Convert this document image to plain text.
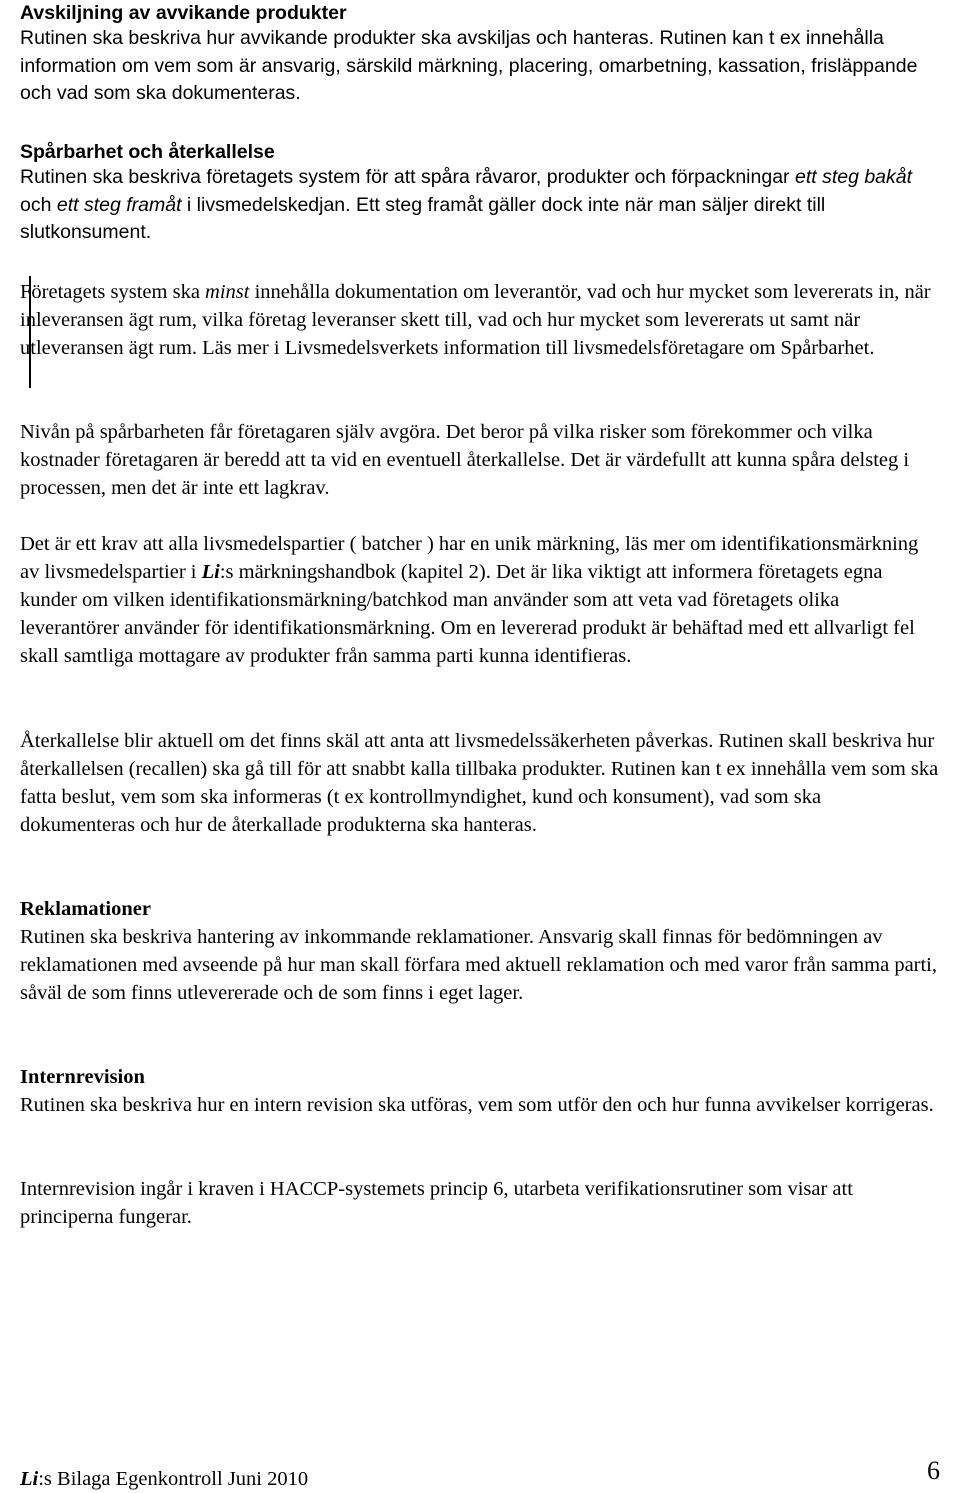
Avskiljning av avvikande produkter

Rutinen ska beskriva hur avvikande produkter ska avskiljas och hanteras. Rutinen kan t ex innehålla information om vem som är ansvarig, särskild märkning, placering, omarbetning, kassation, frisläppande och vad som ska dokumenteras.

Spårbarhet och återkallelse

Rutinen ska beskriva företagets system för att spåra råvaror, produkter och förpackningar ett steg bakåt och ett steg framåt i livsmedelskedjan. Ett steg framåt gäller dock inte när man säljer direkt till slutkonsument.

Företagets system ska minst innehålla dokumentation om leverantör, vad och hur mycket som levererats in, när inleveransen ägt rum, vilka företag leveranser skett till, vad och hur mycket som levererats ut samt när utleveransen ägt rum. Läs mer i Livsmedelsverkets information till livsmedelsföretagare om Spårbarhet.

Nivån på spårbarheten får företagaren själv avgöra. Det beror på vilka risker som förekommer och vilka kostnader företagaren är beredd att ta vid en eventuell återkallelse. Det är värdefullt att kunna spåra delsteg i processen, men det är inte ett lagkrav.

Det är ett krav att alla livsmedelspartier ( batcher ) har en unik märkning, läs mer om identifikationsmärkning av livsmedelspartier i Li:s märkningshandbok (kapitel 2). Det är lika viktigt att informera företagets egna kunder om vilken identifikationsmärkning/batchkod man använder som att veta vad företagets olika leverantörer använder för identifikationsmärkning. Om en levererad produkt är behäftad med ett allvarligt fel skall samtliga mottagare av produkter från samma parti kunna identifieras.

Återkallelse blir aktuell om det finns skäl att anta att livsmedelssäkerheten påverkas. Rutinen skall beskriva hur återkallelsen (recallen) ska gå till för att snabbt kalla tillbaka produkter. Rutinen kan t ex innehålla vem som ska fatta beslut, vem som ska informeras (t ex kontrollmyndighet, kund och konsument), vad som ska dokumenteras och hur de återkallade produkterna ska hanteras.

Reklamationer

Rutinen ska beskriva hantering av inkommande reklamationer. Ansvarig skall finnas för bedömningen av reklamationen med avseende på hur man skall förfara med aktuell reklamation och med varor från samma parti, såväl de som finns utlevererade och de som finns i eget lager.

Internrevision

Rutinen ska beskriva hur en intern revision ska utföras, vem som utför den och hur funna avvikelser korrigeras.

Internrevision ingår i kraven i HACCP-systemets princip 6, utarbeta verifikationsrutiner som visar att principerna fungerar.

Li:s Bilaga Egenkontroll Juni 2010	6
